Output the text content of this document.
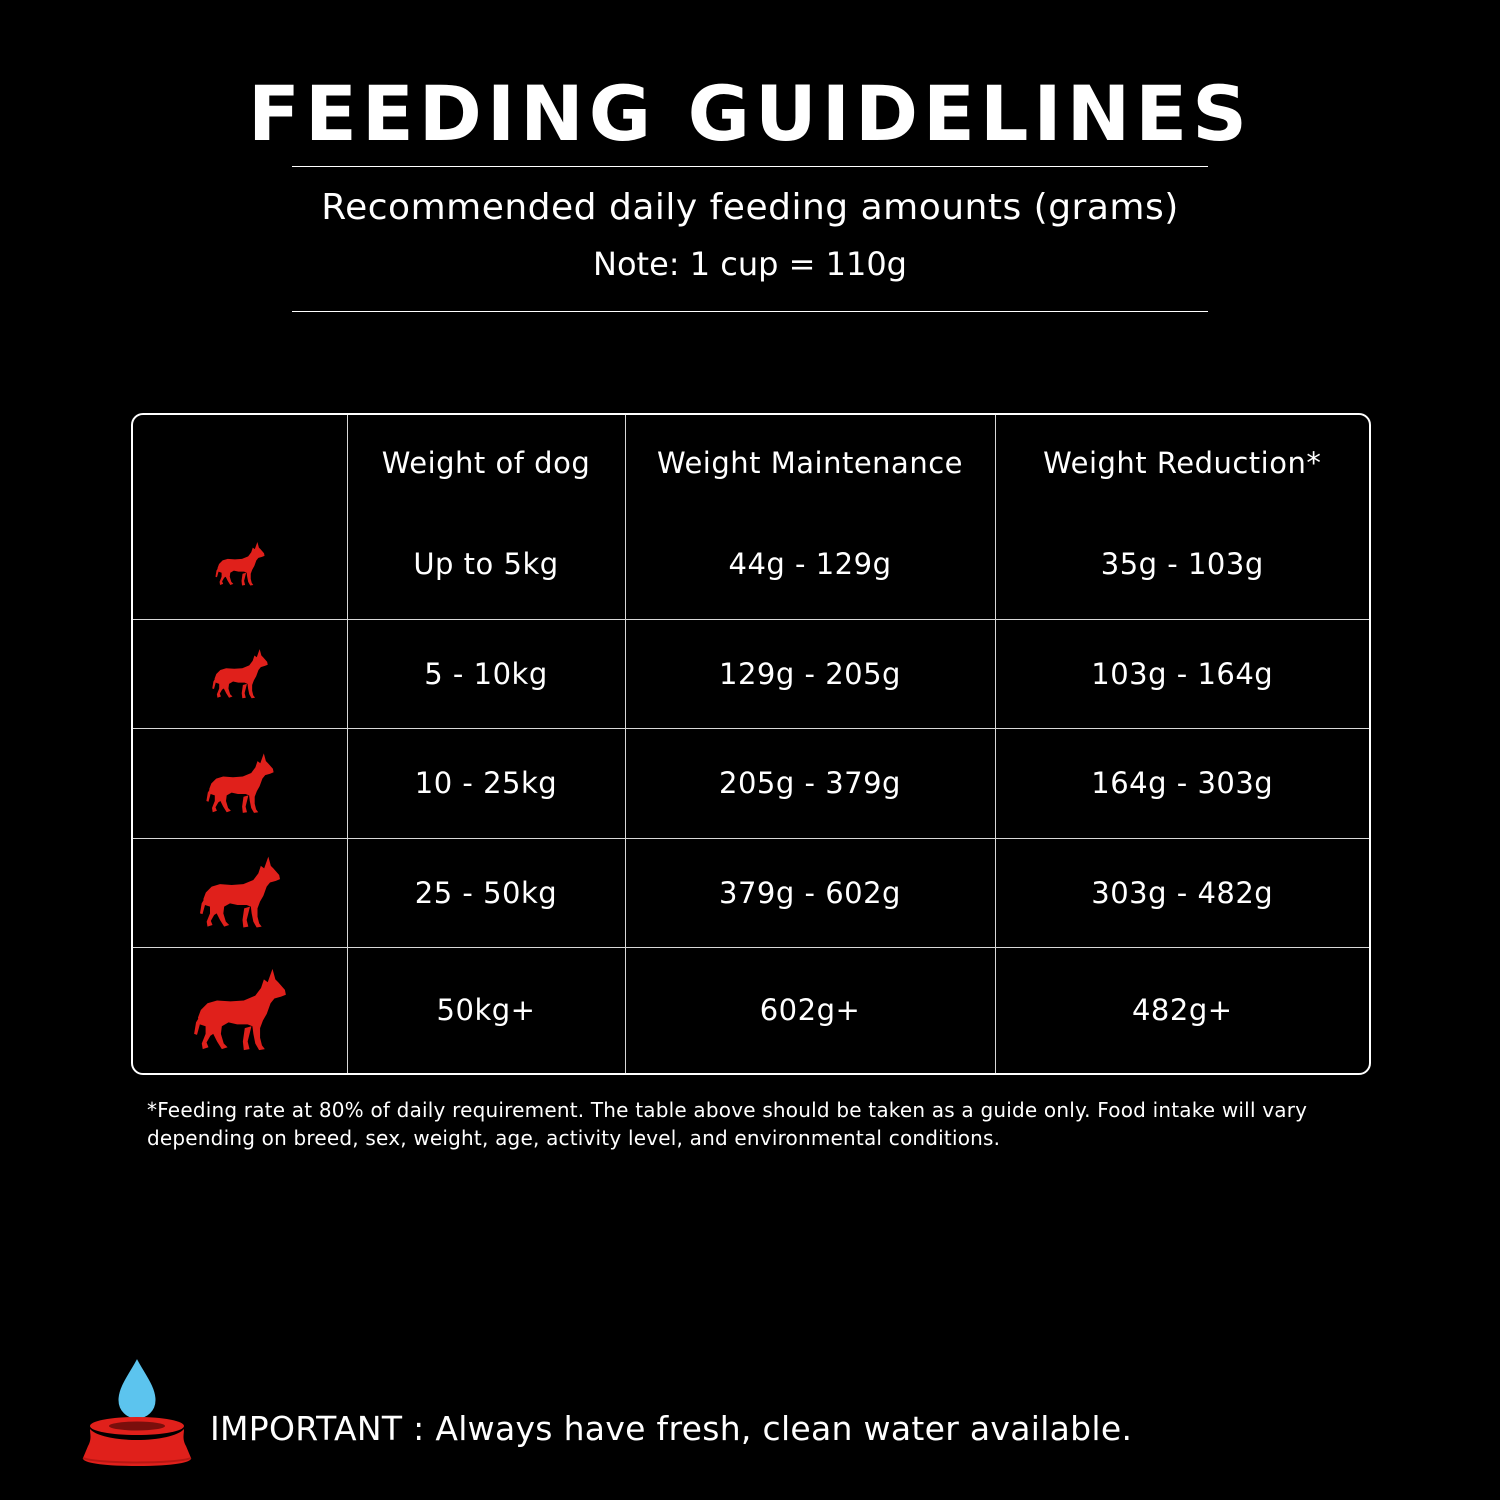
FEEDING GUIDELINES
Recommended daily feeding amounts (grams)
Note: 1 cup = 110g
	Weight of dog	Weight Maintenance	Weight Reduction*

	Up to 5kg	44g - 129g	35g - 103g

	5 - 10kg	129g - 205g	103g - 164g

	10 - 25kg	205g - 379g	164g - 303g

	25 - 50kg	379g - 602g	303g - 482g

	50kg+	602g+	482g+
*Feeding rate at 80% of daily requirement. The table above should be taken as a guide only. Food intake will vary depending on breed, sex, weight, age, activity level, and environmental conditions.
IMPORTANT : Always have fresh, clean water available.
